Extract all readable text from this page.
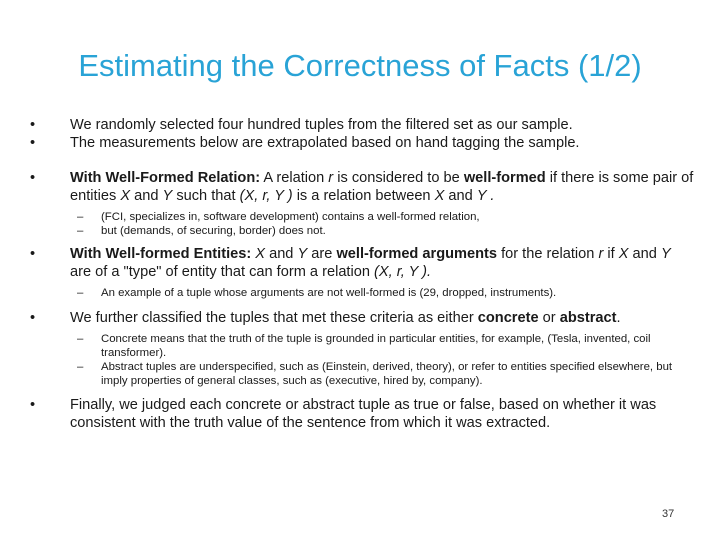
Estimating the Correctness of Facts (1/2)
• We randomly selected four hundred tuples from the filtered set as our sample.
• The measurements below are extrapolated based on hand tagging the sample.
• With Well-Formed Relation: A relation r is considered to be well-formed if there is some pair of entities X and Y such that (X, r, Y ) is a relation between X and Y .
– (FCI, specializes in, software development) contains a well-formed relation,
– but (demands, of securing, border) does not.
• With Well-formed Entities: X and Y are well-formed arguments for the relation r if X and Y are of a "type" of entity that can form a relation (X, r, Y ).
– An example of a tuple whose arguments are not well-formed is (29, dropped, instruments).
• We further classified the tuples that met these criteria as either concrete or abstract.
– Concrete means that the truth of the tuple is grounded in particular entities, for example, (Tesla, invented, coil transformer).
– Abstract tuples are underspecified, such as (Einstein, derived, theory), or refer to entities specified elsewhere, but imply properties of general classes, such as (executive, hired by, company).
• Finally, we judged each concrete or abstract tuple as true or false, based on whether it was consistent with the truth value of the sentence from which it was extracted.
37
